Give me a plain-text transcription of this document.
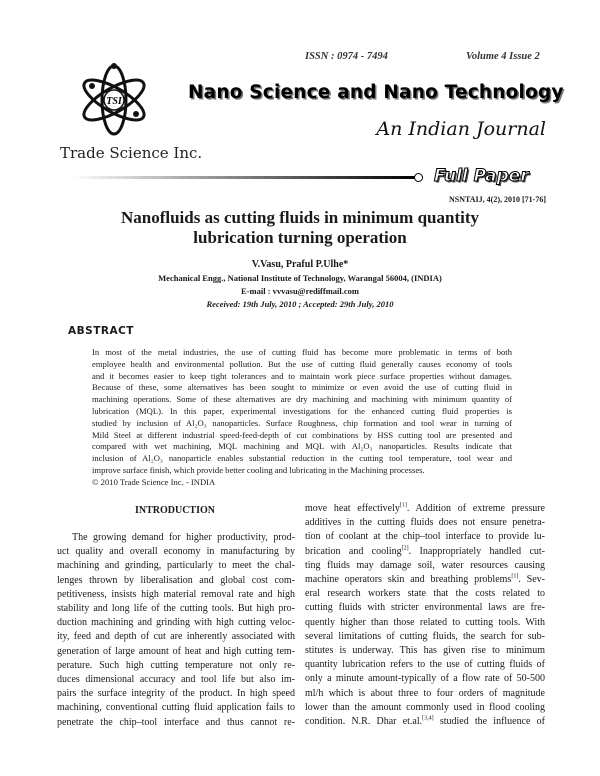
ISSN : 0974 - 7494	Volume 4 Issue 2
TSI	Nano Science and Nano Technology
An Indian Journal
Trade Science Inc.
Full Paper
NSNTAIJ, 4(2), 2010 [71-76]
Nanofluids as cutting fluids in minimum quantity
lubrication turning operation
V.Vasu, Praful P.Ulhe*
Mechanical Engg., National Institute of Technology, Warangal 56004, (INDIA)
E-mail : vvvasu@rediffmail.com
Received: 19th July, 2010 ; Accepted: 29th July, 2010
ABSTRACT
In most of the metal industries, the use of cutting fluid has become more problematic in terms of both
employee health and environmental pollution. But the use of cutting fluid generally causes economy of tools
and it becomes easier to keep tight tolerances and to maintain work piece surface properties without damages.
Because of these, some alternatives has been sought to minimize or even avoid the use of cutting fluid in
machining operations. Some of these alternatives are dry machining and machining with minimum quantity of
lubrication (MQL). In this paper, experimental investigations for the enhanced cutting fluid properties is
studied by inclusion of Al₂O₃ nanoparticles. Surface Roughness, chip formation and tool wear in turning of
Mild Steel at different industrial speed-feed-depth of cut combinations by HSS cutting tool are presented and
compared with wet machining, MQL machining and MQL with Al₂O₃ nanoparticles. Results indicate that
inclusion of Al₂O₃ nanoparticle enables substantial reduction in the cutting tool temperature, tool wear and
improve surface finish, which provide better cooling and lubricating in the Machining processes.
© 2010 Trade Science Inc. - INDIA
INTRODUCTION
  The growing demand for higher productivity, prod-
uct quality and overall economy in manufacturing by
machining and grinding, particularly to meet the chal-
lenges thrown by liberalisation and global cost com-
petitiveness, insists high material removal rate and high
stability and long life of the cutting tools. But high pro-
duction machining and grinding with high cutting veloc-
ity, feed and depth of cut are inherently associated with
generation of large amount of heat and high cutting tem-
perature. Such high cutting temperature not only re-
duces dimensional accuracy and tool life but also im-
pairs the surface integrity of the product. In high speed
machining, conventional cutting fluid application fails to
penetrate the chip–tool interface and thus cannot re-
move heat effectively[1]. Addition of extreme pressure
additives in the cutting fluids does not ensure penetra-
tion of coolant at the chip–tool interface to provide lu-
brication and cooling[2]. Inappropriately handled cut-
ting fluids may damage soil, water resources causing
machine operators skin and breathing problems[1]. Sev-
eral research workers state that the costs related to
cutting fluids with stricter environmental laws are fre-
quently higher than those related to cutting tools. With
several limitations of cutting fluids, the search for sub-
stitutes is underway. This has given rise to minimum
quantity lubrication refers to the use of cutting fluids of
only a minute amount-typically of a flow rate of 50-500
ml/h which is about three to four orders of magnitude
lower than the amount commonly used in flood cooling
condition. N.R. Dhar et.al.[3,4] studied the influence of
